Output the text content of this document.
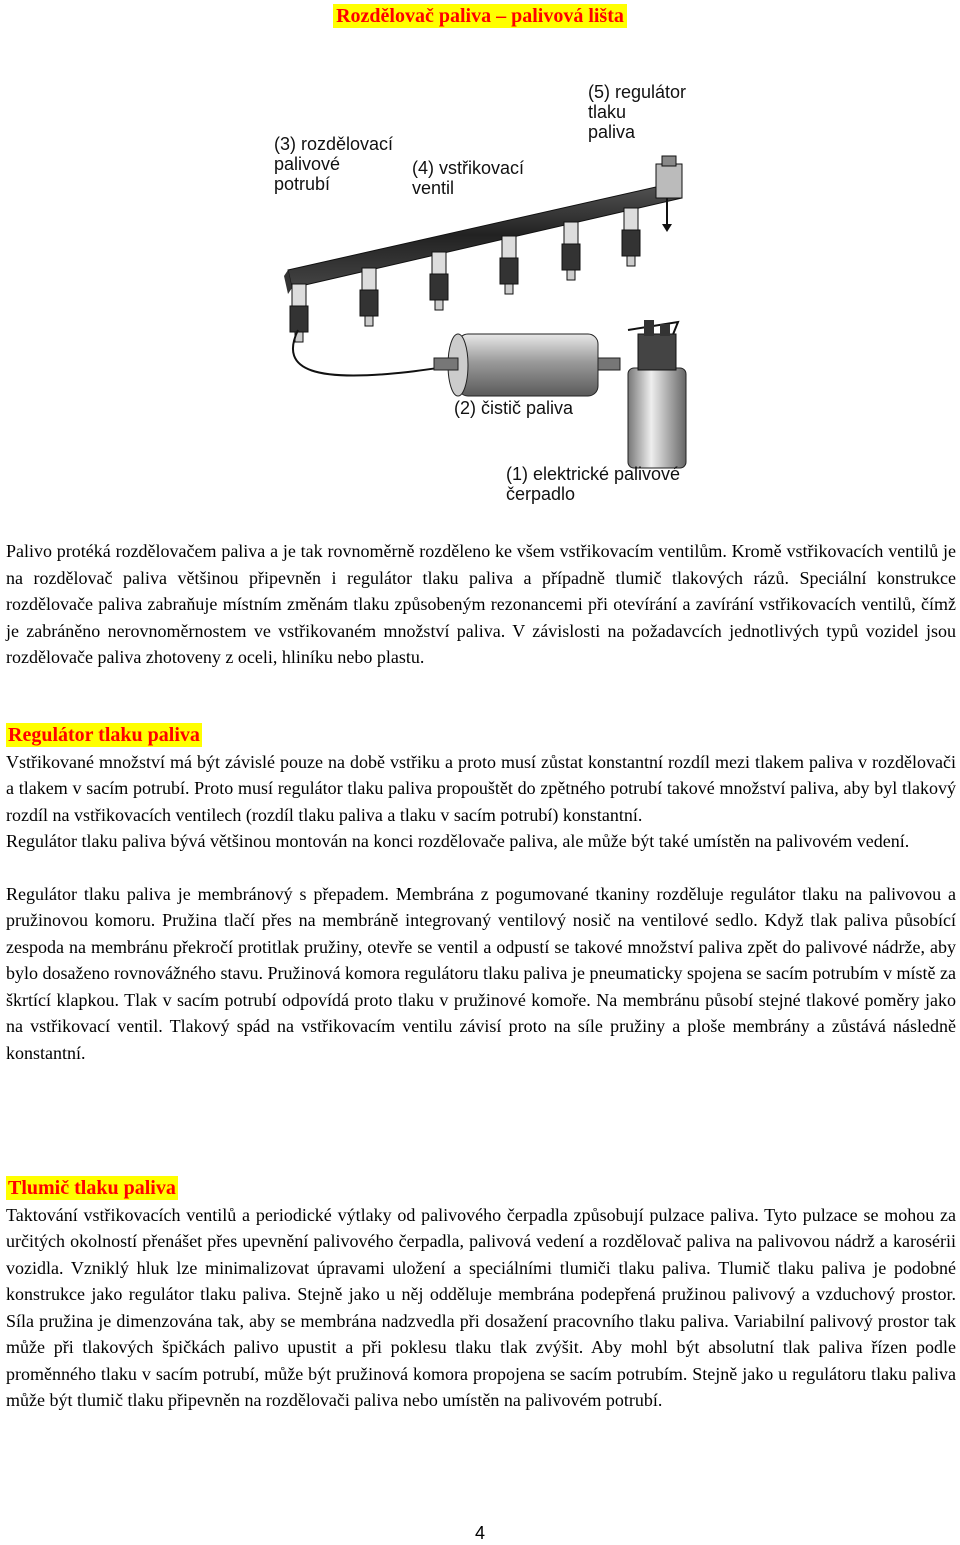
Rozdělovač paliva – palivová lišta
(3) rozdělovací
palivové
potrubí
(4) vstřikovací
ventil
(5) regulátor
tlaku
paliva
(2) čistič paliva
(1) elektrické palivové
čerpadlo

Palivo protéká rozdělovačem paliva a je tak rovnoměrně rozděleno ke všem vstřikovacím ventilům. Kromě vstřikovacích ventilů je na rozdělovač paliva většinou připevněn i regulátor tlaku paliva a případně tlumič tlakových rázů. Speciální konstrukce rozdělovače paliva zabraňuje místním změnám tlaku způsobeným rezonancemi při otevírání a zavírání vstřikovacích ventilů, čímž je zabráněno nerovnoměrnostem ve vstřikovaném množství paliva. V závislosti na požadavcích jednotlivých typů vozidel jsou rozdělovače paliva zhotoveny z oceli, hliníku nebo plastu.

Regulátor tlaku paliva

Vstřikované množství má být závislé pouze na době vstřiku a proto musí zůstat konstantní rozdíl mezi tlakem paliva v rozdělovači a tlakem v sacím potrubí. Proto musí regulátor tlaku paliva propouštět do zpětného potrubí takové množství paliva, aby byl tlakový rozdíl na vstřikovacích ventilech (rozdíl tlaku paliva a tlaku v sacím potrubí) konstantní.

Regulátor tlaku paliva bývá většinou montován na konci rozdělovače paliva, ale může být také umístěn na palivovém vedení.

Regulátor tlaku paliva je membránový s přepadem. Membrána z pogumované tkaniny rozděluje regulátor tlaku na palivovou a pružinovou komoru. Pružina tlačí přes na membráně integrovaný ventilový nosič na ventilové sedlo. Když tlak paliva působící zespoda na membránu překročí protitlak pružiny, otevře se ventil a odpustí se takové množství paliva zpět do palivové nádrže, aby bylo dosaženo rovnovážného stavu. Pružinová komora regulátoru tlaku paliva je pneumaticky spojena se sacím potrubím v místě za škrtící klapkou. Tlak v sacím potrubí odpovídá proto tlaku v pružinové komoře. Na membránu působí stejné tlakové poměry jako na vstřikovací ventil. Tlakový spád na vstřikovacím ventilu závisí proto na síle pružiny a ploše membrány a zůstává následně konstantní.

Tlumič tlaku paliva

Taktování vstřikovacích ventilů a periodické výtlaky od palivového čerpadla způsobují pulzace paliva. Tyto pulzace se mohou za určitých okolností přenášet přes upevnění palivového čerpadla, palivová vedení a rozdělovač paliva na palivovou nádrž a karosérii vozidla. Vzniklý hluk lze minimalizovat úpravami uložení a speciálními tlumiči tlaku paliva. Tlumič tlaku paliva je podobné konstrukce jako regulátor tlaku paliva. Stejně jako u něj odděluje membrána podepřená pružinou palivový a vzduchový prostor. Síla pružina je dimenzována tak, aby se membrána nadzvedla při dosažení pracovního tlaku paliva. Variabilní palivový prostor tak může při tlakových špičkách palivo upustit a při poklesu tlaku tlak zvýšit. Aby mohl být absolutní tlak paliva řízen podle proměnného tlaku v sacím potrubí, může být pružinová komora propojena se sacím potrubím. Stejně jako u regulátoru tlaku paliva může být tlumič tlaku připevněn na rozdělovači paliva nebo umístěn na palivovém potrubí.

4
